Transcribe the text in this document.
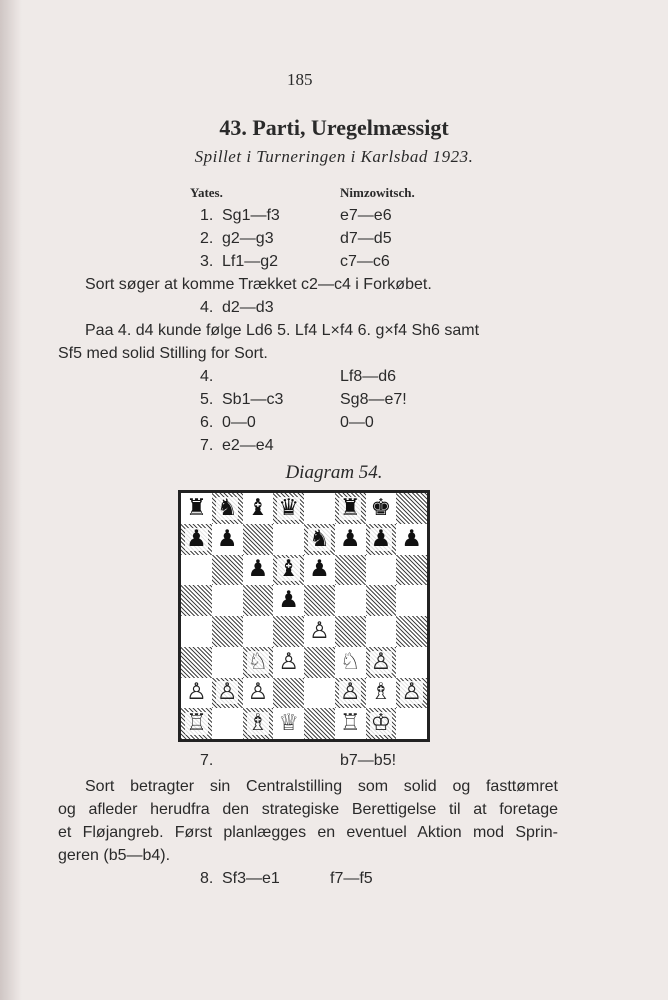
185
43. Parti, Uregelmæssigt
Spillet i Turneringen i Karlsbad 1923.
Yates.	Nimzowitsch.
1. Sg1—f3	e7—e6
2. g2—g3	d7—d5
3. Lf1—g2	c7—c6
Sort søger at komme Trækket c2—c4 i Forkøbet.
4. d2—d3
Paa 4. d4 kunde følge Ld6 5. Lf4 L×f4 6. g×f4 Sh6 samt
Sf5 med solid Stilling for Sort.
4.	Lf8—d6
5. Sb1—c3	Sg8—e7!
6. 0—0	0—0
7. e2—e4
Diagram 54.
♜ ♞ ♝ ♛ ♜ ♚
♟ ♟	♞ ♟ ♟ ♟
♟ ♝ ♟
♟
♙
♘ ♙ ♘ ♙
♙ ♙ ♙	♙ ♗ ♙
♖ ♗ ♕ ♖ ♔
7.	b7—b5!
Sort betragter sin Centralstilling som solid og fasttømret
og afleder herudfra den strategiske Berettigelse til at foretage
et Fløjangreb. Først planlægges en eventuel Aktion mod Sprin-
geren (b5—b4).
8. Sf3—e1	f7—f5
